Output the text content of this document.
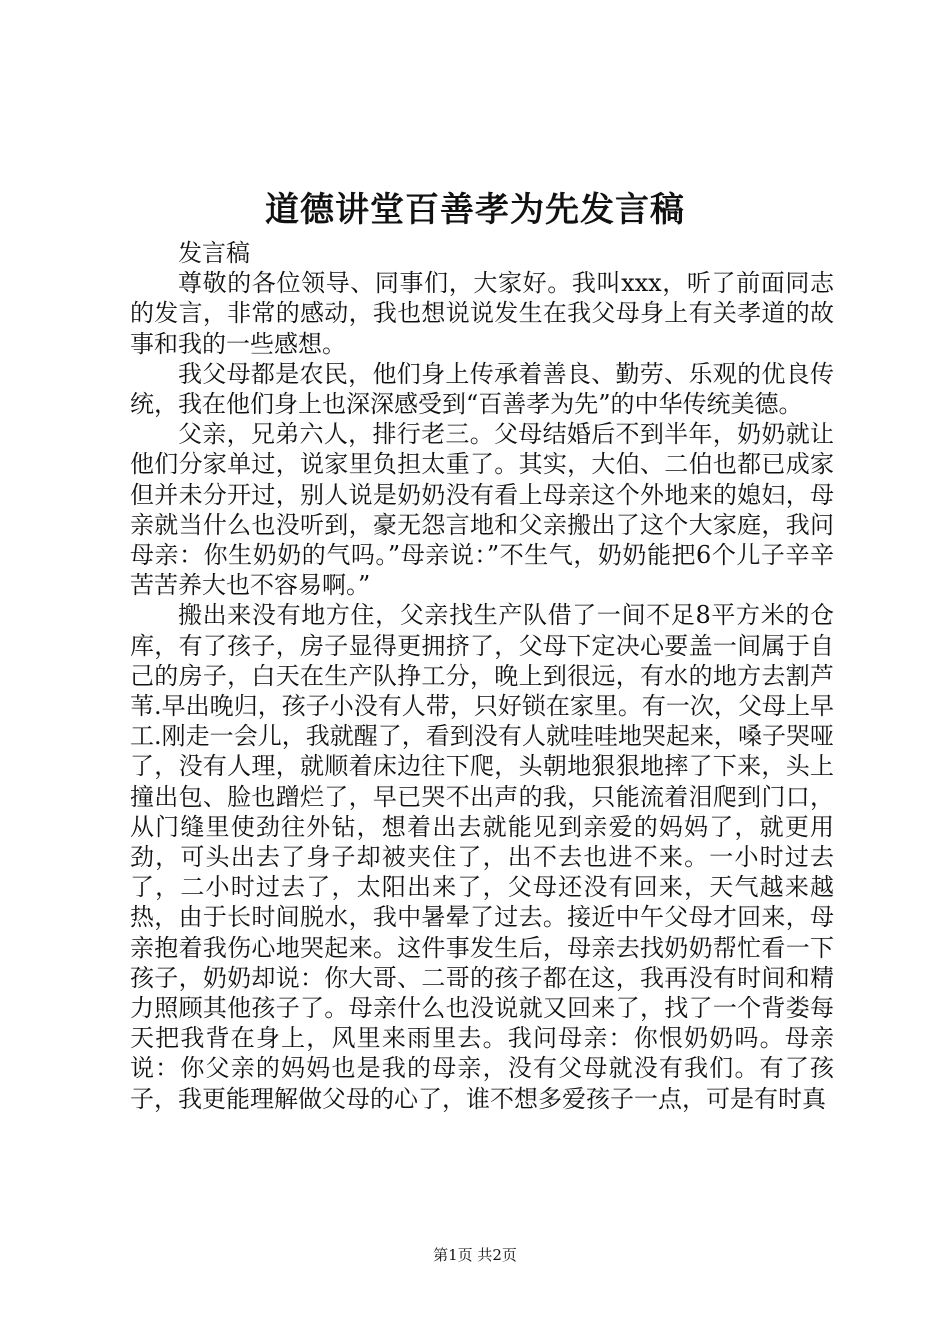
道德讲堂百善孝为先发言稿

发言稿

尊敬的各位领导、同事们，大家好。我叫xxx，听了前面同志的发言，非常的感动，我也想说说发生在我父母身上有关孝道的故事和我的一些感想。

我父母都是农民，他们身上传承着善良、勤劳、乐观的优良传统，我在他们身上也深深感受到“百善孝为先”的中华传统美德。

父亲，兄弟六人，排行老三。父母结婚后不到半年，奶奶就让他们分家单过，说家里负担太重了。其实，大伯、二伯也都已成家但并未分开过，别人说是奶奶没有看上母亲这个外地来的媳妇，母亲就当什么也没听到，豪无怨言地和父亲搬出了这个大家庭，我问母亲：你生奶奶的气吗。”母亲说：”不生气，奶奶能把6个儿子辛辛苦苦养大也不容易啊。”

搬出来没有地方住，父亲找生产队借了一间不足8平方米的仓库，有了孩子，房子显得更拥挤了，父母下定决心要盖一间属于自己的房子，白天在生产队挣工分，晚上到很远，有水的地方去割芦苇.早出晚归，孩子小没有人带，只好锁在家里。有一次，父母上早工.刚走一会儿，我就醒了，看到没有人就哇哇地哭起来，嗓子哭哑了，没有人理，就顺着床边往下爬，头朝地狠狠地摔了下来，头上撞出包、脸也蹭烂了，早已哭不出声的我，只能流着泪爬到门口，从门缝里使劲往外钻，想着出去就能见到亲爱的妈妈了，就更用劲，可头出去了身子却被夹住了，出不去也进不来。一小时过去了，二小时过去了，太阳出来了，父母还没有回来，天气越来越热，由于长时间脱水，我中暑晕了过去。接近中午父母才回来，母亲抱着我伤心地哭起来。这件事发生后，母亲去找奶奶帮忙看一下孩子，奶奶却说：你大哥、二哥的孩子都在这，我再没有时间和精力照顾其他孩子了。母亲什么也没说就又回来了，找了一个背娄每天把我背在身上，风里来雨里去。我问母亲：你恨奶奶吗。母亲说：你父亲的妈妈也是我的母亲，没有父母就没有我们。有了孩子，我更能理解做父母的心了，谁不想多爱孩子一点，可是有时真

第1页 共2页
